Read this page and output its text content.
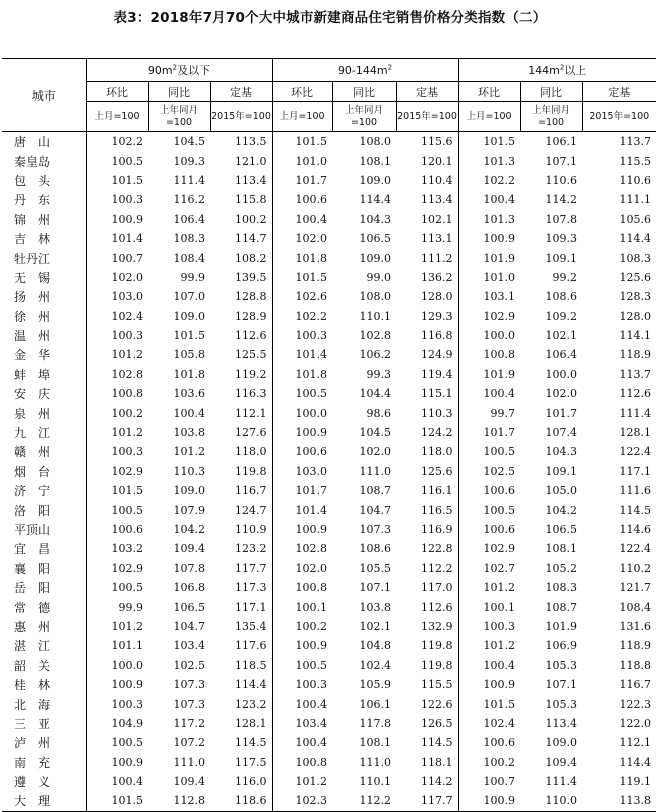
表3：2018年7月70个大中城市新建商品住宅销售价格分类指数（二）
城市	$90m^2$及以下			$90-144m^2$			$144m^2$以上		
	环比	同比	定基	环比	同比	定基	环比	同比	定基
	上月=100	上年同月=100	2015年=100	上月=100	上年同月=100	2015年=100	上月=100	上年同月=100	2015年=100
唐　山	102.2	104.5	113.5	101.5	108.0	115.6	101.5	106.1	113.7
秦皇岛	100.5	109.3	121.0	101.0	108.1	120.1	101.3	107.1	115.5
包　头	101.5	111.4	113.4	101.7	109.0	110.4	102.2	110.6	110.6
丹　东	100.3	116.2	115.8	100.6	114.4	113.4	100.4	114.2	111.1
锦　州	100.9	106.4	100.2	100.4	104.3	102.1	101.3	107.8	105.6
吉　林	101.4	108.3	114.7	102.0	106.5	113.1	100.9	109.3	114.4
牡丹江	100.7	108.4	108.2	101.8	109.0	111.2	101.9	109.1	108.3
无　锡	102.0	99.9	139.5	101.5	99.0	136.2	101.0	99.2	125.6
扬　州	103.0	107.0	128.8	102.6	108.0	128.0	103.1	108.6	128.3
徐　州	102.4	109.0	128.9	102.2	110.1	129.3	102.9	109.2	128.0
温　州	100.3	101.5	112.6	100.3	102.8	116.8	100.0	102.1	114.1
金　华	101.2	105.8	125.5	101.4	106.2	124.9	100.8	106.4	118.9
蚌　埠	102.8	101.8	119.2	101.8	99.3	119.4	101.9	100.0	113.7
安　庆	100.8	103.6	116.3	100.5	104.4	115.1	100.4	102.0	112.6
泉　州	100.2	100.4	112.1	100.0	98.6	110.3	99.7	101.7	111.4
九　江	101.2	103.8	127.6	100.9	104.5	124.2	101.7	107.4	128.1
赣　州	100.3	101.2	118.0	100.6	102.0	118.0	100.5	104.3	122.4
烟　台	102.9	110.3	119.8	103.0	111.0	125.6	102.5	109.1	117.1
济　宁	101.5	109.0	116.7	101.7	108.7	116.1	100.6	105.0	111.6
洛　阳	100.5	107.9	124.7	101.4	104.7	116.5	100.5	104.2	114.5
平顶山	100.6	104.2	110.9	100.9	107.3	116.9	100.6	106.5	114.6
宜　昌	103.2	109.4	123.2	102.8	108.6	122.8	102.9	108.1	122.4
襄　阳	102.9	107.8	117.7	102.0	105.5	112.2	102.7	105.2	110.2
岳　阳	100.5	106.8	117.3	100.8	107.1	117.0	101.2	108.3	121.7
常　德	99.9	106.5	117.1	100.1	103.8	112.6	100.1	108.7	108.4
惠　州	101.2	104.7	135.4	100.2	102.1	132.9	100.3	101.9	131.6
湛　江	101.1	103.4	117.6	100.9	104.8	119.8	101.2	106.9	118.9
韶　关	100.0	102.5	118.5	100.5	102.4	119.8	100.4	105.3	118.8
桂　林	100.9	107.3	114.4	100.3	105.9	115.5	100.9	107.1	116.7
北　海	100.3	107.3	123.2	100.4	106.1	122.6	101.5	105.3	122.3
三　亚	104.9	117.2	128.1	103.4	117.8	126.5	102.4	113.4	122.0
泸　州	100.5	107.2	114.5	100.4	108.1	114.5	100.6	109.0	112.1
南　充	100.9	111.0	117.5	100.8	111.0	118.1	100.2	109.4	114.4
遵　义	100.4	109.4	116.0	101.2	110.1	114.2	100.7	111.4	119.1
大　理	101.5	112.8	118.6	102.3	112.2	117.7	100.9	110.0	113.8
